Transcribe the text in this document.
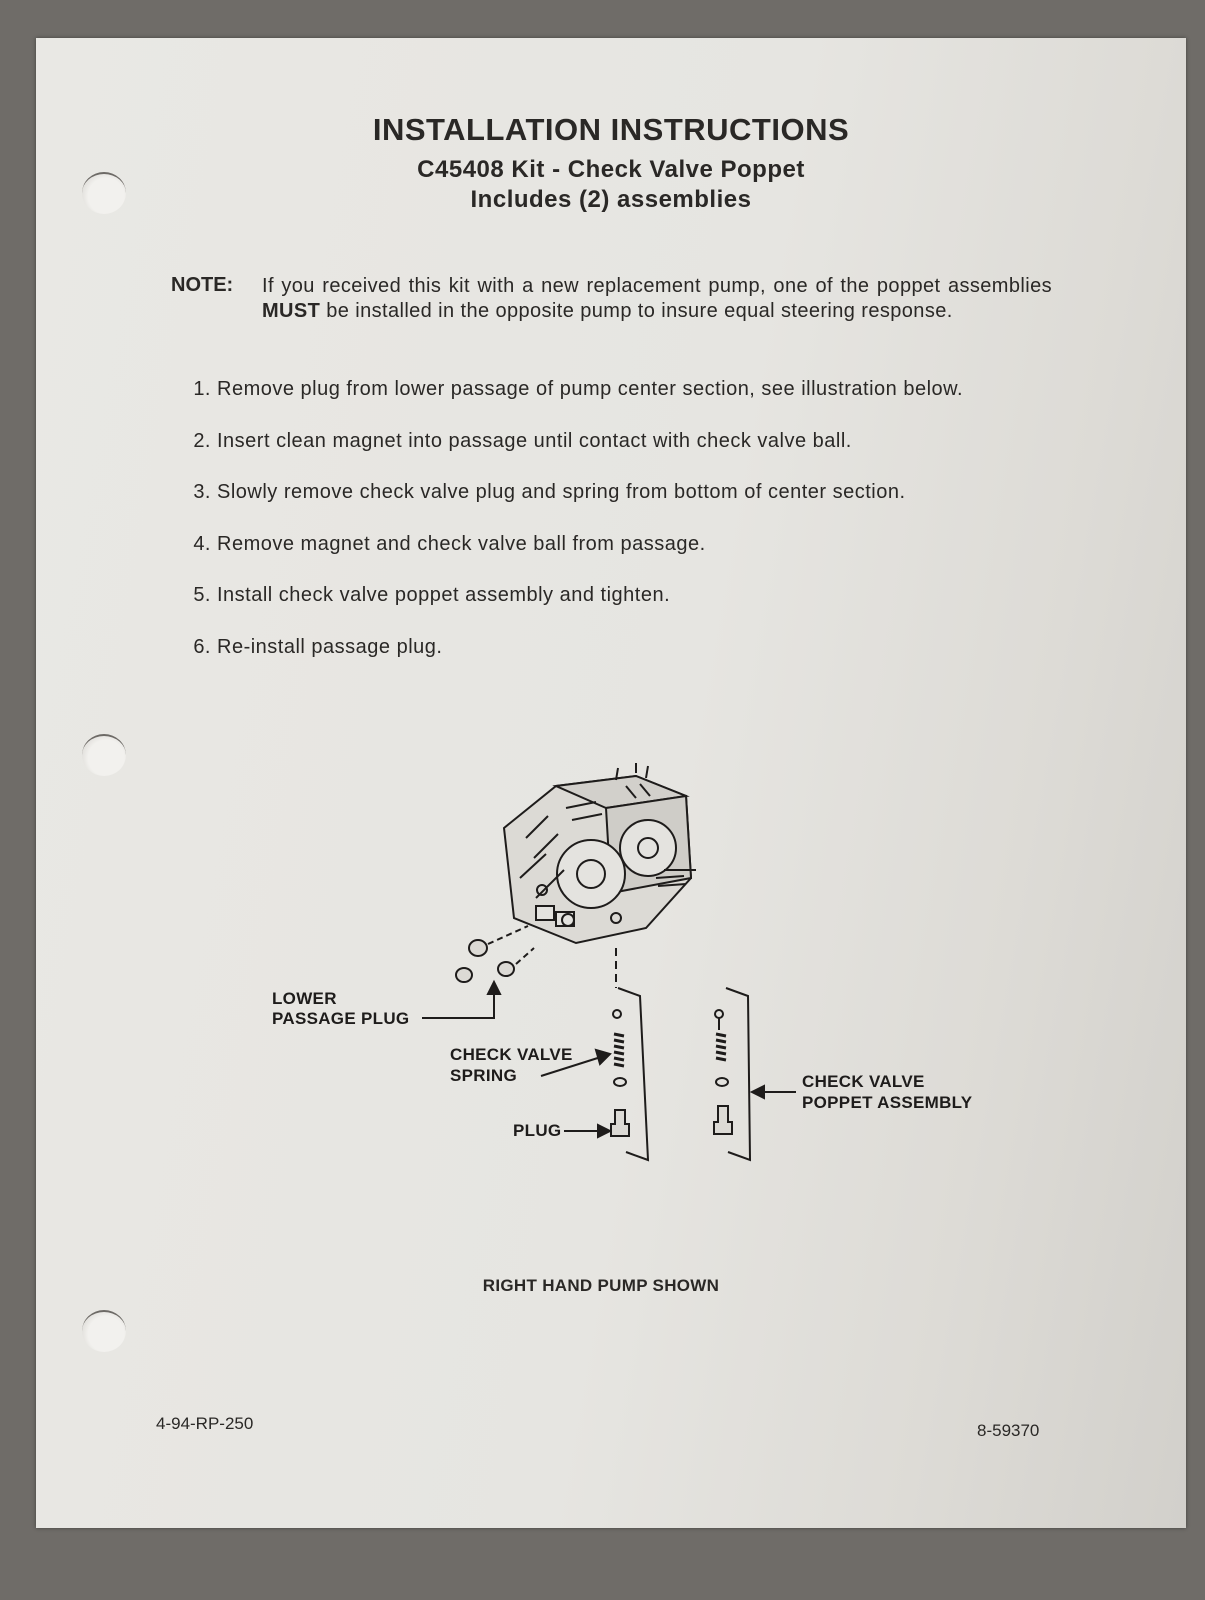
INSTALLATION INSTRUCTIONS
C45408 Kit - Check Valve Poppet
Includes (2) assemblies
NOTE: If you received this kit with a new replacement pump, one of the poppet assemblies MUST be installed in the opposite pump to insure equal steering response.
1. Remove plug from lower passage of pump center section, see illustration below.
2. Insert clean magnet into passage until contact with check valve ball.
3. Slowly remove check valve plug and spring from bottom of center section.
4. Remove magnet and check valve ball from passage.
5. Install check valve poppet assembly and tighten.
6. Re-install passage plug.
LOWER
PASSAGE PLUG
CHECK VALVE
SPRING
PLUG
CHECK VALVE
POPPET ASSEMBLY
RIGHT HAND PUMP SHOWN
4-94-RP-250	8-59370
